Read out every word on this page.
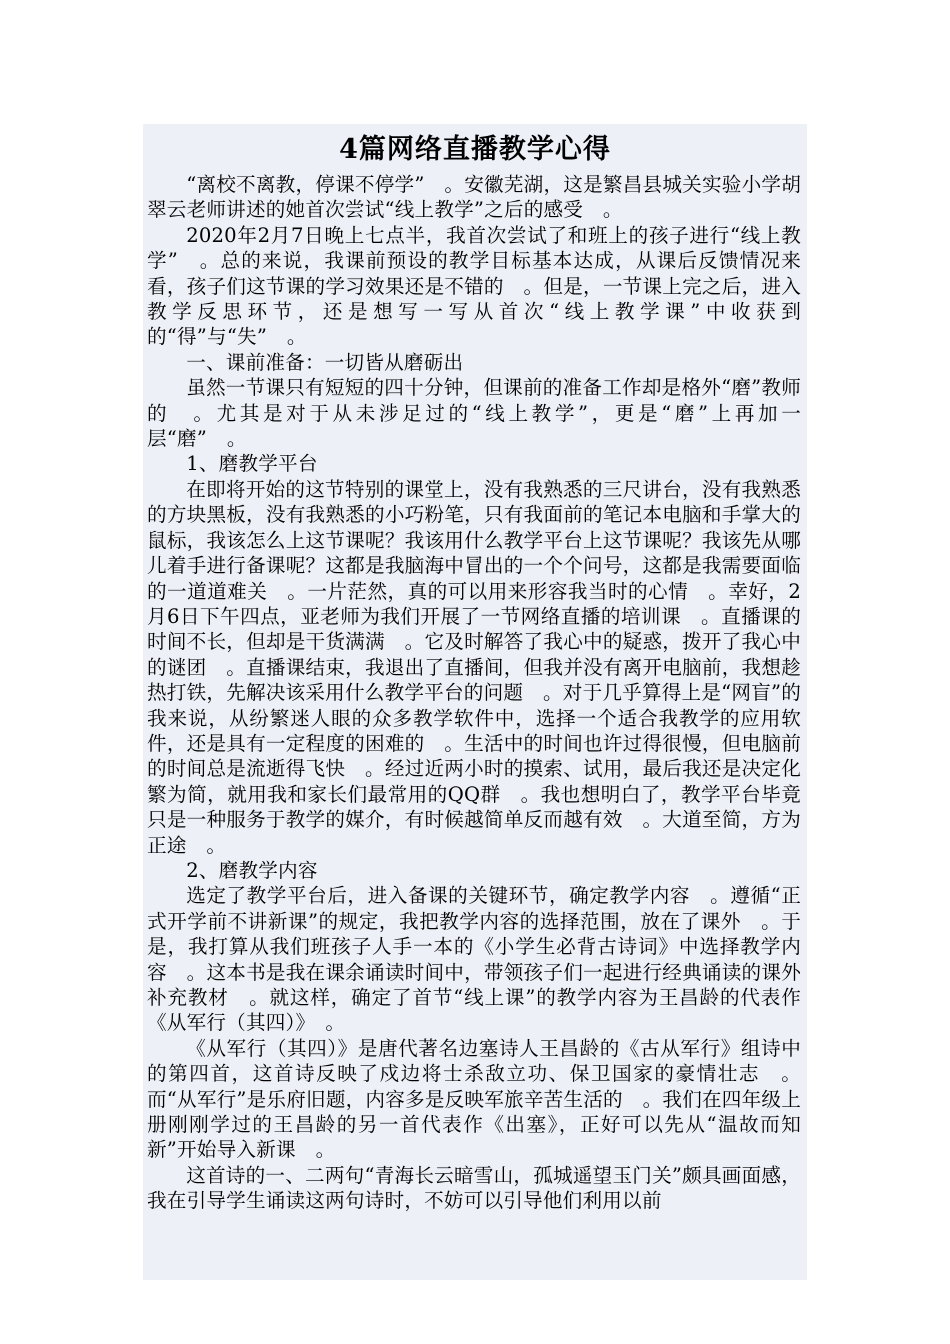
4篇网络直播教学心得

“离校不离教，停课不停学”　。安徽芜湖，这是繁昌县城关实验小学胡翠云老师讲述的她首次尝试“线上教学”之后的感受　。

2020年2月7日晚上七点半，我首次尝试了和班上的孩子进行“线上教学”　。总的来说，我课前预设的教学目标基本达成，从课后反馈情况来看，孩子们这节课的学习效果还是不错的　。但是，一节课上完之后，进入教学反思环节，还是想写一写从首次“线上教学课”中收获到的“得”与“失”　。

一、课前准备：一切皆从磨砺出

虽然一节课只有短短的四十分钟，但课前的准备工作却是格外“磨”教师的　。尤其是对于从未涉足过的“线上教学”，更是“磨”上再加一层“磨”　。

1、磨教学平台

在即将开始的这节特别的课堂上，没有我熟悉的三尺讲台，没有我熟悉的方块黑板，没有我熟悉的小巧粉笔，只有我面前的笔记本电脑和手掌大的鼠标，我该怎么上这节课呢？我该用什么教学平台上这节课呢？我该先从哪儿着手进行备课呢？这都是我脑海中冒出的一个个问号，这都是我需要面临的一道道难关　。一片茫然，真的可以用来形容我当时的心情　。幸好，2月6日下午四点，亚老师为我们开展了一节网络直播的培训课　。直播课的时间不长，但却是干货满满　。它及时解答了我心中的疑惑，拨开了我心中的谜团　。直播课结束，我退出了直播间，但我并没有离开电脑前，我想趁热打铁，先解决该采用什么教学平台的问题　。对于几乎算得上是“网盲”的我来说，从纷繁迷人眼的众多教学软件中，选择一个适合我教学的应用软件，还是具有一定程度的困难的　。生活中的时间也许过得很慢，但电脑前的时间总是流逝得飞快　。经过近两小时的摸索、试用，最后我还是决定化繁为简，就用我和家长们最常用的QQ群　。我也想明白了，教学平台毕竟只是一种服务于教学的媒介，有时候越简单反而越有效　。大道至简，方为正途　。

2、磨教学内容

选定了教学平台后，进入备课的关键环节，确定教学内容　。遵循“正式开学前不讲新课”的规定，我把教学内容的选择范围，放在了课外　。于是，我打算从我们班孩子人手一本的《小学生必背古诗词》中选择教学内容　。这本书是我在课余诵读时间中，带领孩子们一起进行经典诵读的课外补充教材　。就这样，确定了首节“线上课”的教学内容为王昌龄的代表作《从军行（其四）》　。

《从军行（其四）》是唐代著名边塞诗人王昌龄的《古从军行》组诗中的第四首，这首诗反映了戍边将士杀敌立功、保卫国家的豪情壮志　。而“从军行”是乐府旧题，内容多是反映军旅辛苦生活的　。我们在四年级上册刚刚学过的王昌龄的另一首代表作《出塞》，正好可以先从“温故而知新”开始导入新课　。

这首诗的一、二两句“青海长云暗雪山，孤城遥望玉门关”颇具画面感，我在引导学生诵读这两句诗时，不妨可以引导他们利用以前
